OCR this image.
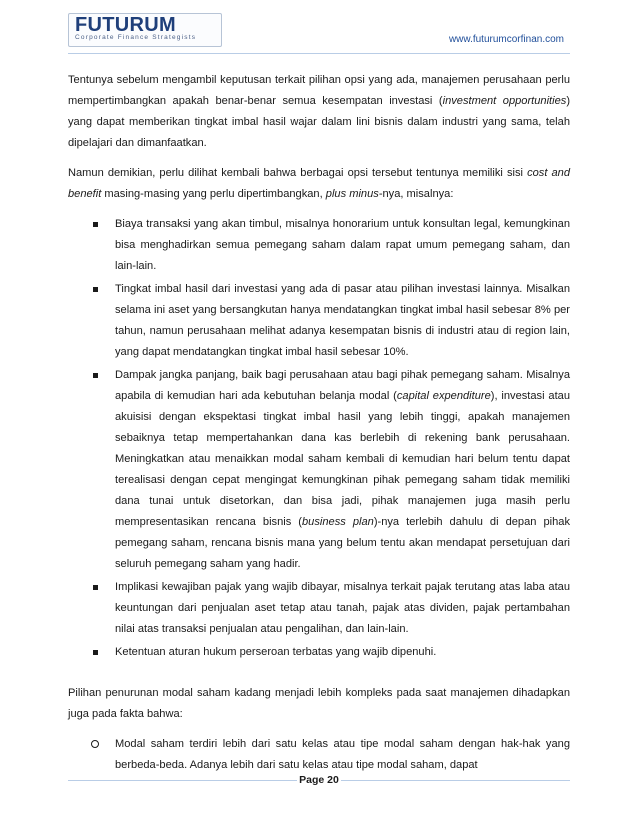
FUTURUM
Corporate Finance Strategists	www.futurumcorfinan.com

Tentunya sebelum mengambil keputusan terkait pilihan opsi yang ada, manajemen perusahaan perlu mempertimbangkan apakah benar-benar semua kesempatan investasi (investment opportunities) yang dapat memberikan tingkat imbal hasil wajar dalam lini bisnis dalam industri yang sama, telah dipelajari dan dimanfaatkan.

Namun demikian, perlu dilihat kembali bahwa berbagai opsi tersebut tentunya memiliki sisi cost and benefit masing-masing yang perlu dipertimbangkan, plus minus-nya, misalnya:

Biaya transaksi yang akan timbul, misalnya honorarium untuk konsultan legal, kemungkinan bisa menghadirkan semua pemegang saham dalam rapat umum pemegang saham, dan lain-lain.
Tingkat imbal hasil dari investasi yang ada di pasar atau pilihan investasi lainnya. Misalkan selama ini aset yang bersangkutan hanya mendatangkan tingkat imbal hasil sebesar 8% per tahun, namun perusahaan melihat adanya kesempatan bisnis di industri atau di region lain, yang dapat mendatangkan tingkat imbal hasil sebesar 10%.
Dampak jangka panjang, baik bagi perusahaan atau bagi pihak pemegang saham. Misalnya apabila di kemudian hari ada kebutuhan belanja modal (capital expenditure), investasi atau akuisisi dengan ekspektasi tingkat imbal hasil yang lebih tinggi, apakah manajemen sebaiknya tetap mempertahankan dana kas berlebih di rekening bank perusahaan. Meningkatkan atau menaikkan modal saham kembali di kemudian hari belum tentu dapat terealisasi dengan cepat mengingat kemungkinan pihak pemegang saham tidak memiliki dana tunai untuk disetorkan, dan bisa jadi, pihak manajemen juga masih perlu mempresentasikan rencana bisnis (business plan)-nya terlebih dahulu di depan pihak pemegang saham, rencana bisnis mana yang belum tentu akan mendapat persetujuan dari seluruh pemegang saham yang hadir.
Implikasi kewajiban pajak yang wajib dibayar, misalnya terkait pajak terutang atas laba atau keuntungan dari penjualan aset tetap atau tanah, pajak atas dividen, pajak pertambahan nilai atas transaksi penjualan atau pengalihan, dan lain-lain.
Ketentuan aturan hukum perseroan terbatas yang wajib dipenuhi.

Pilihan penurunan modal saham kadang menjadi lebih kompleks pada saat manajemen dihadapkan juga pada fakta bahwa:

Modal saham terdiri lebih dari satu kelas atau tipe modal saham dengan hak-hak yang berbeda-beda. Adanya lebih dari satu kelas atau tipe modal saham, dapat
Page 20
